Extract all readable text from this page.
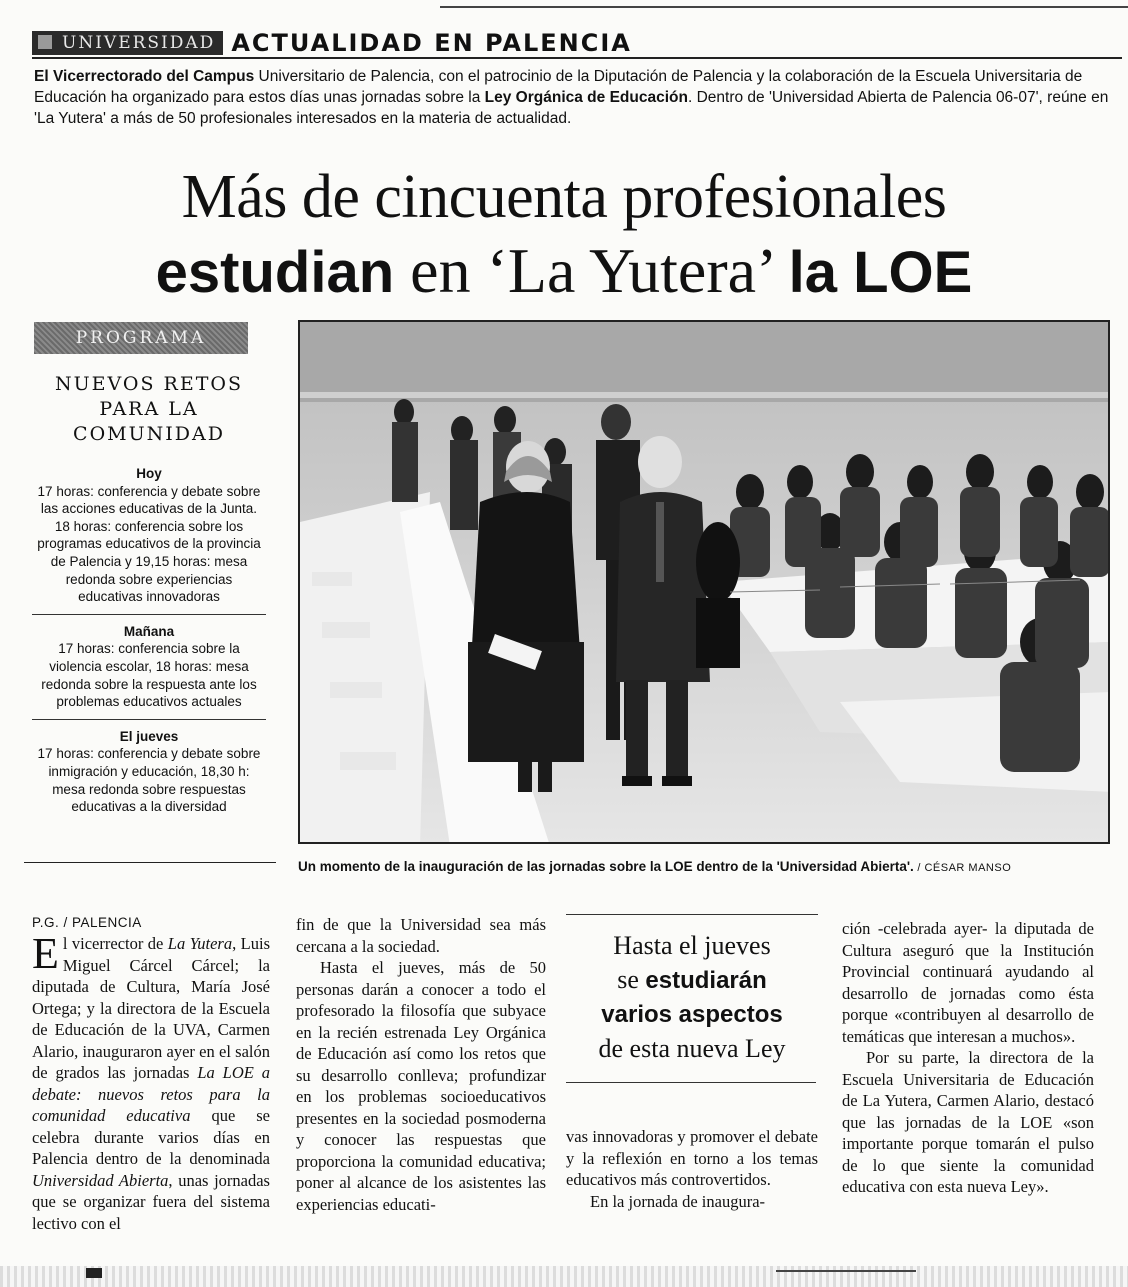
UNIVERSIDAD ACTUALIDAD EN PALENCIA
El Vicerrectorado del Campus Universitario de Palencia, con el patrocinio de la Diputación de Palencia y la colaboración de la Escuela Universitaria de Educación ha organizado para estos días unas jornadas sobre la Ley Orgánica de Educación. Dentro de 'Universidad Abierta de Palencia 06-07', reúne en 'La Yutera' a más de 50 profesionales interesados en la materia de actualidad.
Más de cincuenta profesionales
estudian en ‘La Yutera’ la LOE
PROGRAMA
NUEVOS RETOS
PARA LA
COMUNIDAD
Hoy
17 horas: conferencia y debate sobre las acciones educativas de la Junta. 18 horas: conferencia sobre los programas educativos de la provincia de Palencia y 19,15 horas: mesa redonda sobre experiencias educativas innovadoras
Mañana
17 horas: conferencia sobre la violencia escolar, 18 horas: mesa redonda sobre la respuesta ante los problemas educativos actuales
El jueves
17 horas: conferencia y debate sobre inmigración y educación, 18,30 h: mesa redonda sobre respuestas educativas a la diversidad
Un momento de la inauguración de las jornadas sobre la LOE dentro de la 'Universidad Abierta'. / CÉSAR MANSO
P.G. / PALENCIA

El vicerrector de La Yutera, Luis Miguel Cárcel Cárcel; la diputada de Cultura, María José Ortega; y la directora de la Escuela de Educación de la UVA, Carmen Alario, inauguraron ayer en el salón de grados las jornadas La LOE a debate: nuevos retos para la comunidad educativa que se celebra durante varios días en Palencia dentro de la denominada Universidad Abierta, unas jornadas que se organizar fuera del sistema lectivo con el

fin de que la Universidad sea más cercana a la sociedad.

Hasta el jueves, más de 50 personas darán a conocer a todo el profesorado la filosofía que subyace en la recién estrenada Ley Orgánica de Educación así como los retos que su desarrollo conlleva; profundizar en los problemas socioeducativos presentes en la sociedad posmoderna y conocer las respuestas que proporciona la comunidad educativa; poner al alcance de los asistentes las experiencias educati-

Hasta el jueves
se estudiarán
varios aspectos
de esta nueva Ley

vas innovadoras y promover el debate y la reflexión en torno a los temas educativos más controvertidos.

En la jornada de inaugura-

ción -celebrada ayer- la diputada de Cultura aseguró que la Institución Provincial continuará ayudando al desarrollo de jornadas como ésta porque «contribuyen al desarrollo de temáticas que interesan a muchos».

Por su parte, la directora de la Escuela Universitaria de Educación de La Yutera, Carmen Alario, destacó que las jornadas de la LOE «son importante porque tomarán el pulso de lo que siente la comunidad educativa con esta nueva Ley».
